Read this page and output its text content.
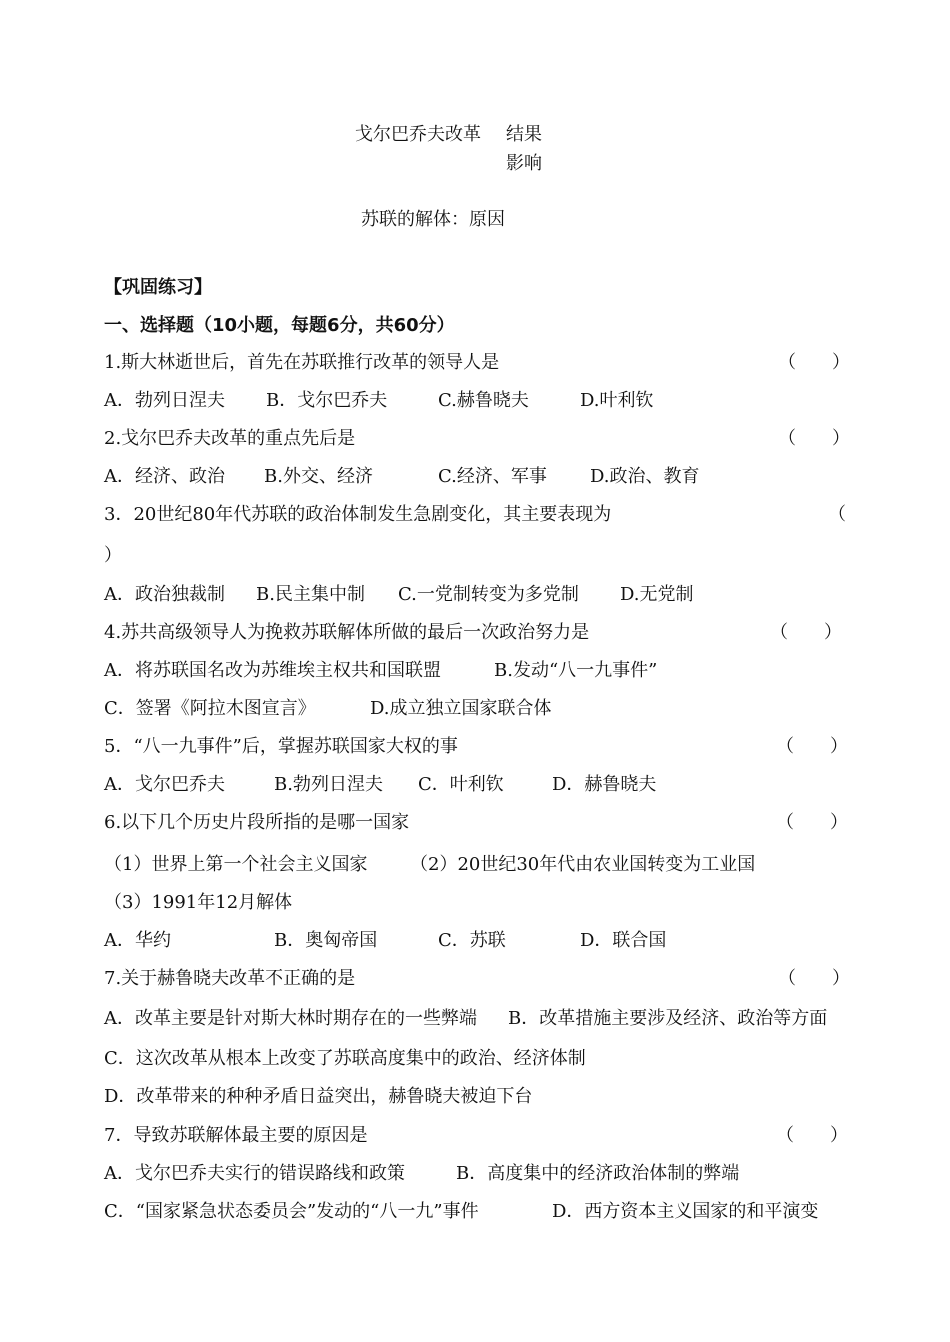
戈尔巴乔夫改革 结果
影响
苏联的解体：原因
【巩固练习】
一、选择题（10小题，每题6分，共60分）
1.斯大林逝世后，首先在苏联推行改革的领导人是	（　　）
A．勃列日涅夫 B．戈尔巴乔夫	C.赫鲁晓夫	D.叶利钦
2.戈尔巴乔夫改革的重点先后是	（　　）
A．经济、政治 B.外交、经济	C.经济、军事 D.政治、教育
3．20世纪80年代苏联的政治体制发生急剧变化，其主要表现为	（
）
A．政治独裁制 B.民主集中制 C.一党制转变为多党制 D.无党制
4.苏共高级领导人为挽救苏联解体所做的最后一次政治努力是	（　　）
A．将苏联国名改为苏维埃主权共和国联盟	B.发动“八一九事件”
C．签署《阿拉木图宣言》	D.成立独立国家联合体
5．“八一九事件”后，掌握苏联国家大权的事	（　　）
A．戈尔巴乔夫	B.勃列日涅夫 C．叶利钦	D．赫鲁晓夫
6.以下几个历史片段所指的是哪一国家	（　　）
（1）世界上第一个社会主义国家 （2）20世纪30年代由农业国转变为工业国
（3）1991年12月解体
A．华约	B．奥匈帝国	C．苏联	D．联合国
7.关于赫鲁晓夫改革不正确的是	（　　）
A．改革主要是针对斯大林时期存在的一些弊端 B．改革措施主要涉及经济、政治等方面
C．这次改革从根本上改变了苏联高度集中的政治、经济体制
D．改革带来的种种矛盾日益突出，赫鲁晓夫被迫下台
7．导致苏联解体最主要的原因是	（　　）
A．戈尔巴乔夫实行的错误路线和政策	B．高度集中的经济政治体制的弊端
C．“国家紧急状态委员会”发动的“八一九”事件	D．西方资本主义国家的和平演变
